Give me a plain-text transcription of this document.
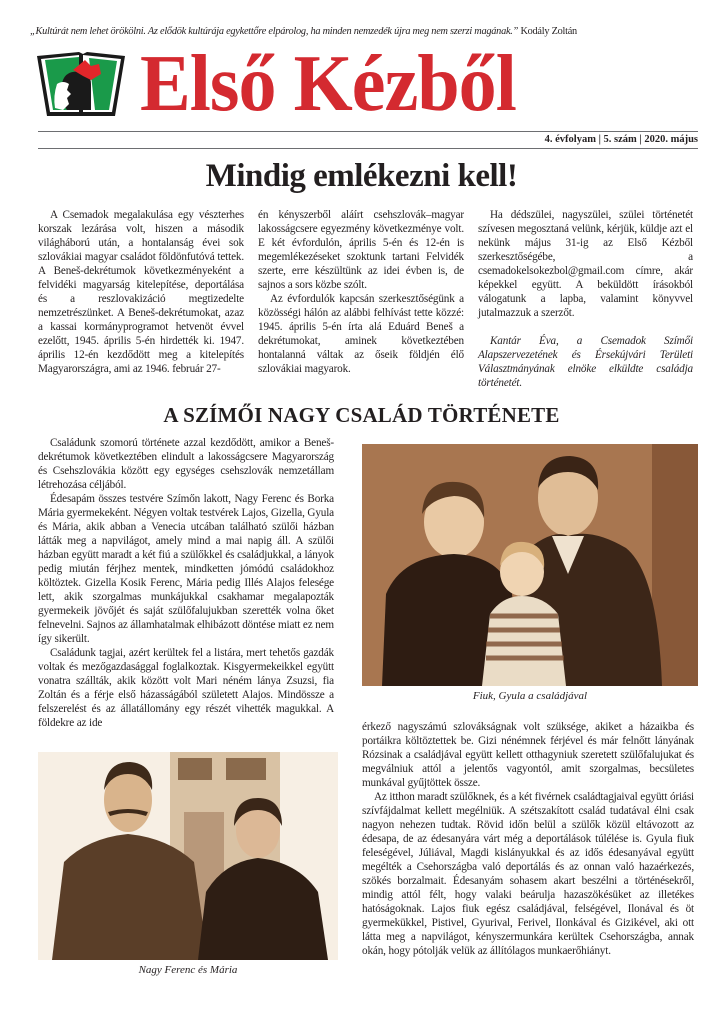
„Kultúrát nem lehet örökölni. Az elődök kultúrája egykettőre elpárolog, ha minden nemzedék újra meg nem szerzi magának.” Kodály Zoltán
Első Kézből
4. évfolyam | 5. szám | 2020. május
Mindig emlékezni kell!

A Csemadok megalakulása egy vészterhes korszak lezárása volt, hiszen a második világháború után, a hontalanság évei sok szlovákiai magyar családot földönfutóvá tettek. A Beneš-dekrétumok következményeként a felvidéki magyarság kitelepítése, deportálása és a reszlovakizáció megtizedelte nemzetrészünket. A Beneš-dekrétumokat, azaz a kassai kormányprogramot hetvenöt évvel ezelőtt, 1945. április 5-én hirdették ki. 1947. április 12-én kezdődött meg a kitelepítés Magyarországra, ami az 1946. február 27-

én kényszerből aláírt csehszlovák–magyar lakosságcsere egyezmény következménye volt. E két évfordulón, április 5-én és 12-én is megemlékezéseket szoktunk tartani Felvidék szerte, erre készültünk az idei évben is, de sajnos a sors közbe szólt.

Az évfordulók kapcsán szerkesztőségünk a közösségi hálón az alábbi felhívást tette közzé: 1945. április 5-én írta alá Eduárd Beneš a dekrétumokat, aminek következtében hontalanná váltak az őseik földjén élő szlovákiai magyarok.

Ha dédszülei, nagyszülei, szülei történetét szívesen megosztaná velünk, kérjük, küldje azt el nekünk május 31-ig az Első Kézből szerkesztőségébe, a csemadokelsokezbol@gmail.com címre, akár képekkel együtt. A beküldött írásokból válogatunk a lapba, valamint könyvvel jutalmazzuk a szerzőt.

Kantár Éva, a Csemadok Szímői Alapszervezetének és Érsekújvári Területi Választmányának elnöke elküldte családja történetét.

A SZÍMŐI NAGY CSALÁD TÖRTÉNETE

Családunk szomorú története azzal kezdődött, amikor a Beneš-dekrétumok következtében elindult a lakosságcsere Magyarország és Csehszlovákia között egy egységes csehszlovák nemzetállam létrehozása céljából.

Édesapám összes testvére Szímőn lakott, Nagy Ferenc és Borka Mária gyermekeként. Négyen voltak testvérek Lajos, Gizella, Gyula és Mária, akik abban a Venecia utcában található szülői házban látták meg a napvilágot, amely mind a mai napig áll. A szülői házban együtt maradt a két fiú a szülőkkel és családjukkal, a lányok pedig miután férjhez mentek, mindketten jómódú családokhoz költöztek. Gizella Kosik Ferenc, Mária pedig Illés Alajos felesége lett, akik szorgalmas munkájukkal csakhamar megalapozták gyermekeik jövőjét és saját szülőfalujukban szerették volna őket felnevelni. Sajnos az államhatalmak elhibázott döntése miatt ez nem így sikerült.

Családunk tagjai, azért kerültek fel a listára, mert tehetős gazdák voltak és mezőgazdasággal foglalkoztak. Kisgyermekeikkel együtt vonatra szállták, akik között volt Mari néném lánya Zsuzsi, fia Zoltán és a férje első házasságából született Alajos. Mindössze a felszerelést és az állatállomány egy részét vihették magukkal. A földekre az ide

Fiuk, Gyula a családjával
Nagy Ferenc és Mária

érkező nagyszámú szlovákságnak volt szüksége, akiket a házaikba és portáikra költöztettek be. Gizi nénémnek férjével és már felnőtt lányának Rózsinak a családjával együtt kellett otthagyniuk szeretett szülőfalujukat és megválniuk attól a jelentős vagyontól, amit szorgalmas, becsületes munkával gyűjtöttek össze.

Az itthon maradt szülőknek, és a két fivérnek családtagjaival együtt óriási szívfájdalmat kellett megélniük. A szétszakított család tudatával élni csak nagyon nehezen tudtak. Rövid időn belül a szülők közül eltávozott az édesapa, de az édesanyára várt még a deportálások túlélése is. Gyula fiuk feleségével, Júliával, Magdi kislányukkal és az idős édesanyával együtt megélték a Csehországba való deportálás és az onnan való hazaérkezés, szökés borzalmait. Édesanyám sohasem akart beszélni a történésekről, mindig attól félt, hogy valaki beárulja hazaszökésüket az illetékes hatóságoknak. Lajos fiuk egész családjával, felségével, Ilonával és öt gyermekükkel, Pistivel, Gyurival, Ferivel, Ilonkával és Gizikével, aki ott látta meg a napvilágot, kényszermunkára kerültek Csehországba, annak okán, hogy pótolják velük az állítólagos munkaerőhiányt.
